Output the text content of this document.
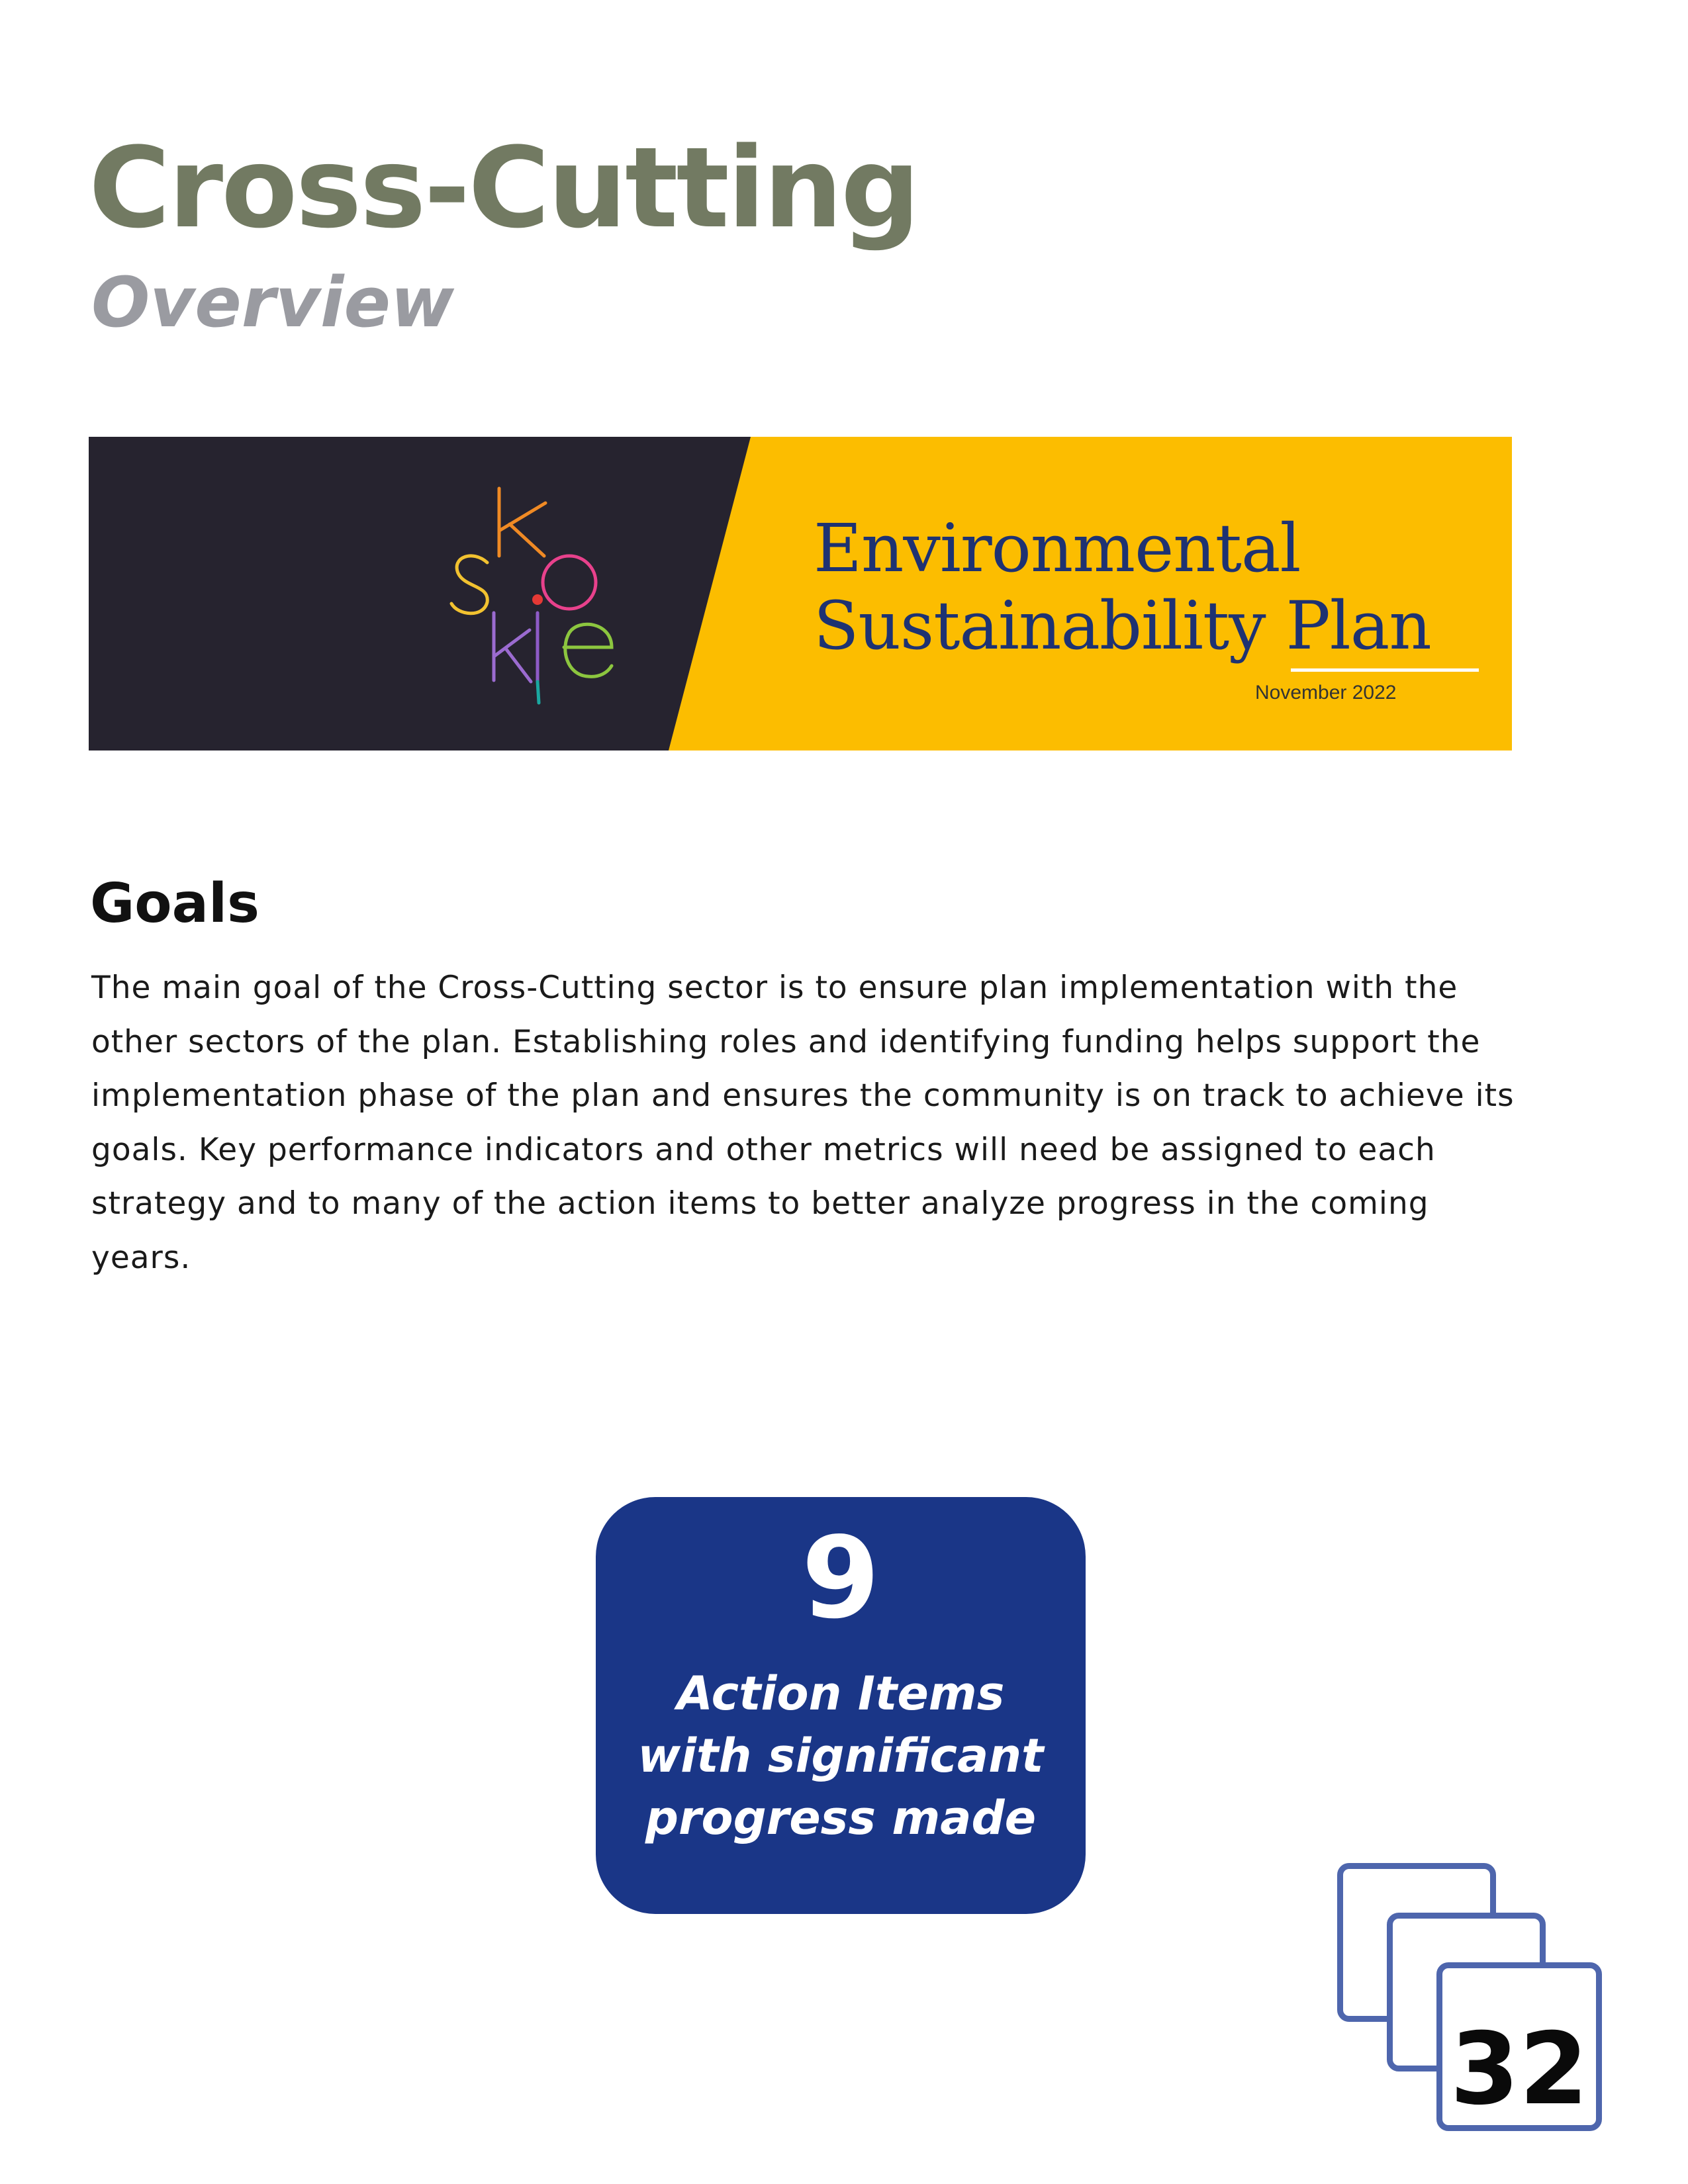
Cross-Cutting
Overview
Environmental
Sustainability Plan
November 2022
Goals

The main goal of the Cross-Cutting sector is to ensure plan implementation with the other sectors of the plan. Establishing roles and identifying funding helps support the implementation phase of the plan and ensures the community is on track to achieve its goals. Key performance indicators and other metrics will need be assigned to each strategy and to many of the action items to better analyze progress in the coming years.

9
Action Items
with significant
progress made
32
